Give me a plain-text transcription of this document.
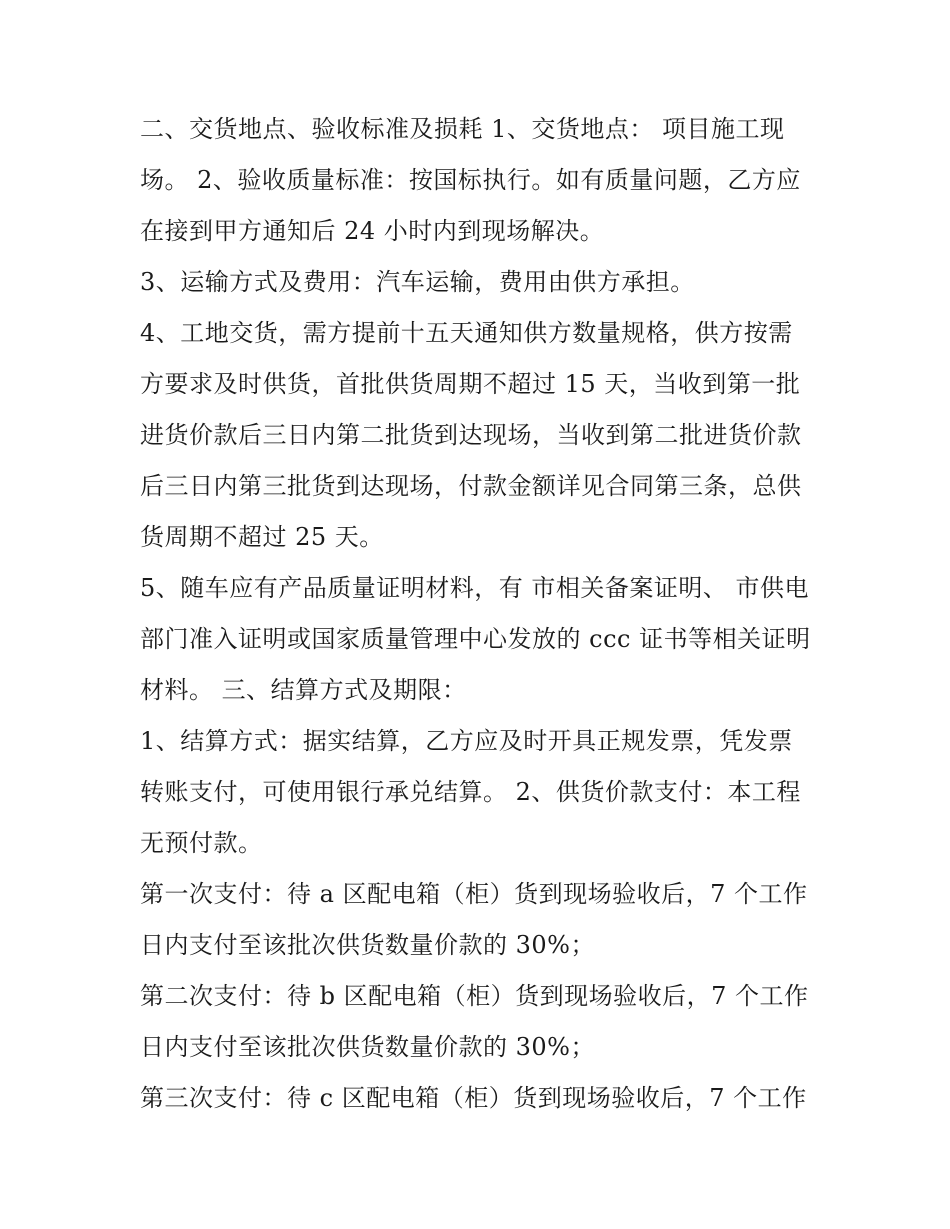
二、交货地点、验收标准及损耗 1、交货地点： 项目施工现
场。 2、验收质量标准：按国标执行。如有质量问题，乙方应
在接到甲方通知后 24 小时内到现场解决。
3、运输方式及费用：汽车运输，费用由供方承担。
4、工地交货，需方提前十五天通知供方数量规格，供方按需
方要求及时供货，首批供货周期不超过 15 天，当收到第一批
进货价款后三日内第二批货到达现场，当收到第二批进货价款
后三日内第三批货到达现场，付款金额详见合同第三条，总供
货周期不超过 25 天。
5、随车应有产品质量证明材料，有 市相关备案证明、 市供电
部门准入证明或国家质量管理中心发放的 ccc 证书等相关证明
材料。 三、结算方式及期限：
1、结算方式：据实结算，乙方应及时开具正规发票，凭发票
转账支付，可使用银行承兑结算。 2、供货价款支付：本工程
无预付款。
第一次支付：待 a 区配电箱（柜）货到现场验收后，7 个工作
日内支付至该批次供货数量价款的 30%；
第二次支付：待 b 区配电箱（柜）货到现场验收后，7 个工作
日内支付至该批次供货数量价款的 30%；
第三次支付：待 c 区配电箱（柜）货到现场验收后，7 个工作
